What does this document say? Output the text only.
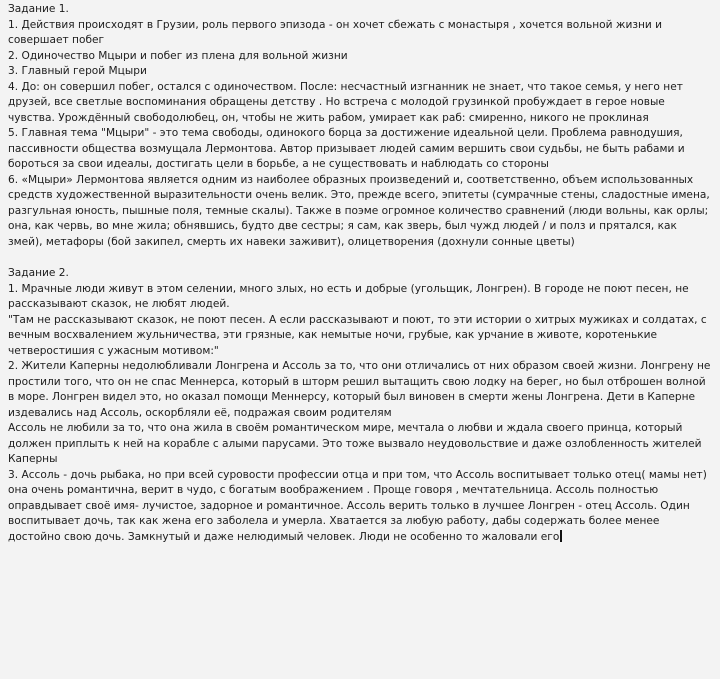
Задание 1.

1. Действия происходят в Грузии, роль первого эпизода - он хочет сбежать с монастыря , хочется вольной жизни и совершает побег

2. Одиночество Мцыри и побег из плена для вольной жизни

3. Главный герой Мцыри

4. До: он совершил побег, остался с одиночеством. После: несчастный изгнанник не знает, что такое семья, у него нет друзей, все светлые воспоминания обращены детству . Но встреча с молодой грузинкой пробуждает в герое новые чувства. Урождённый свободолюбец, он, чтобы не жить рабом, умирает как раб: смиренно, никого не проклиная

5. Главная тема "Мцыри" - это тема свободы, одинокого борца за достижение идеальной цели. Проблема равнодушия, пассивности общества возмущала Лермонтова. Автор призывает людей самим вершить свои судьбы, не быть рабами и бороться за свои идеалы, достигать цели в борьбе, а не существовать и наблюдать со стороны

6. «Мцыри» Лермонтова является одним из наиболее образных произведений и, соответственно, объем использованных средств художественной выразительности очень велик. Это, прежде всего, эпитеты (сумрачные стены, сладостные имена, разгульная юность, пышные поля, темные скалы). Также в поэме огромное количество сравнений (люди вольны, как орлы; она, как червь, во мне жила; обнявшись, будто две сестры; я сам, как зверь, был чужд людей / и полз и прятался, как змей), метафоры (бой закипел, смерть их навеки заживит), олицетворения (дохнули сонные цветы)

Задание 2.

1. Мрачные люди живут в этом селении, много злых, но есть и добрые (угольщик, Лонгрен). В городе не поют песен, не рассказывают сказок, не любят людей.

"Там не рассказывают сказок, не поют песен. А если рассказывают и поют, то эти истории о хитрых мужиках и солдатах, с вечным восхвалением жульничества, эти грязные, как немытые ночи, грубые, как урчание в животе, коротенькие четверостишия с ужасным мотивом:"

2. Жители Каперны недолюбливали Лонгрена и Ассоль за то, что они отличались от них образом своей жизни. Лонгрену не простили того, что он не спас Меннерса, который в шторм решил вытащить свою лодку на берег, но был отброшен волной в море. Лонгрен видел это, но оказал помощи Меннерсу, который был виновен в смерти жены Лонгрена. Дети в Каперне издевались над Ассоль, оскорбляли её, подражая своим родителям

Ассоль не любили за то, что она жила в своём романтическом мире, мечтала о любви и ждала своего принца, который должен приплыть к ней на корабле с алыми парусами. Это тоже вызвало неудовольствие и даже озлобленность жителей Каперны

3. Ассоль - дочь рыбака, но при всей суровости профессии отца и при том, что Ассоль воспитывает только отец( мамы нет) она очень романтична, верит в чудо, с богатым воображением . Проще говоря , мечтательница. Ассоль полностью оправдывает своё имя- лучистое, задорное и романтичное. Ассоль верить только в лучшее Лонгрен - отец Ассоль. Один воспитывает дочь, так как жена его заболела и умерла. Хватается за любую работу, дабы содержать более менее достойно свою дочь. Замкнутый и даже нелюдимый человек. Люди не особенно то жаловали его
